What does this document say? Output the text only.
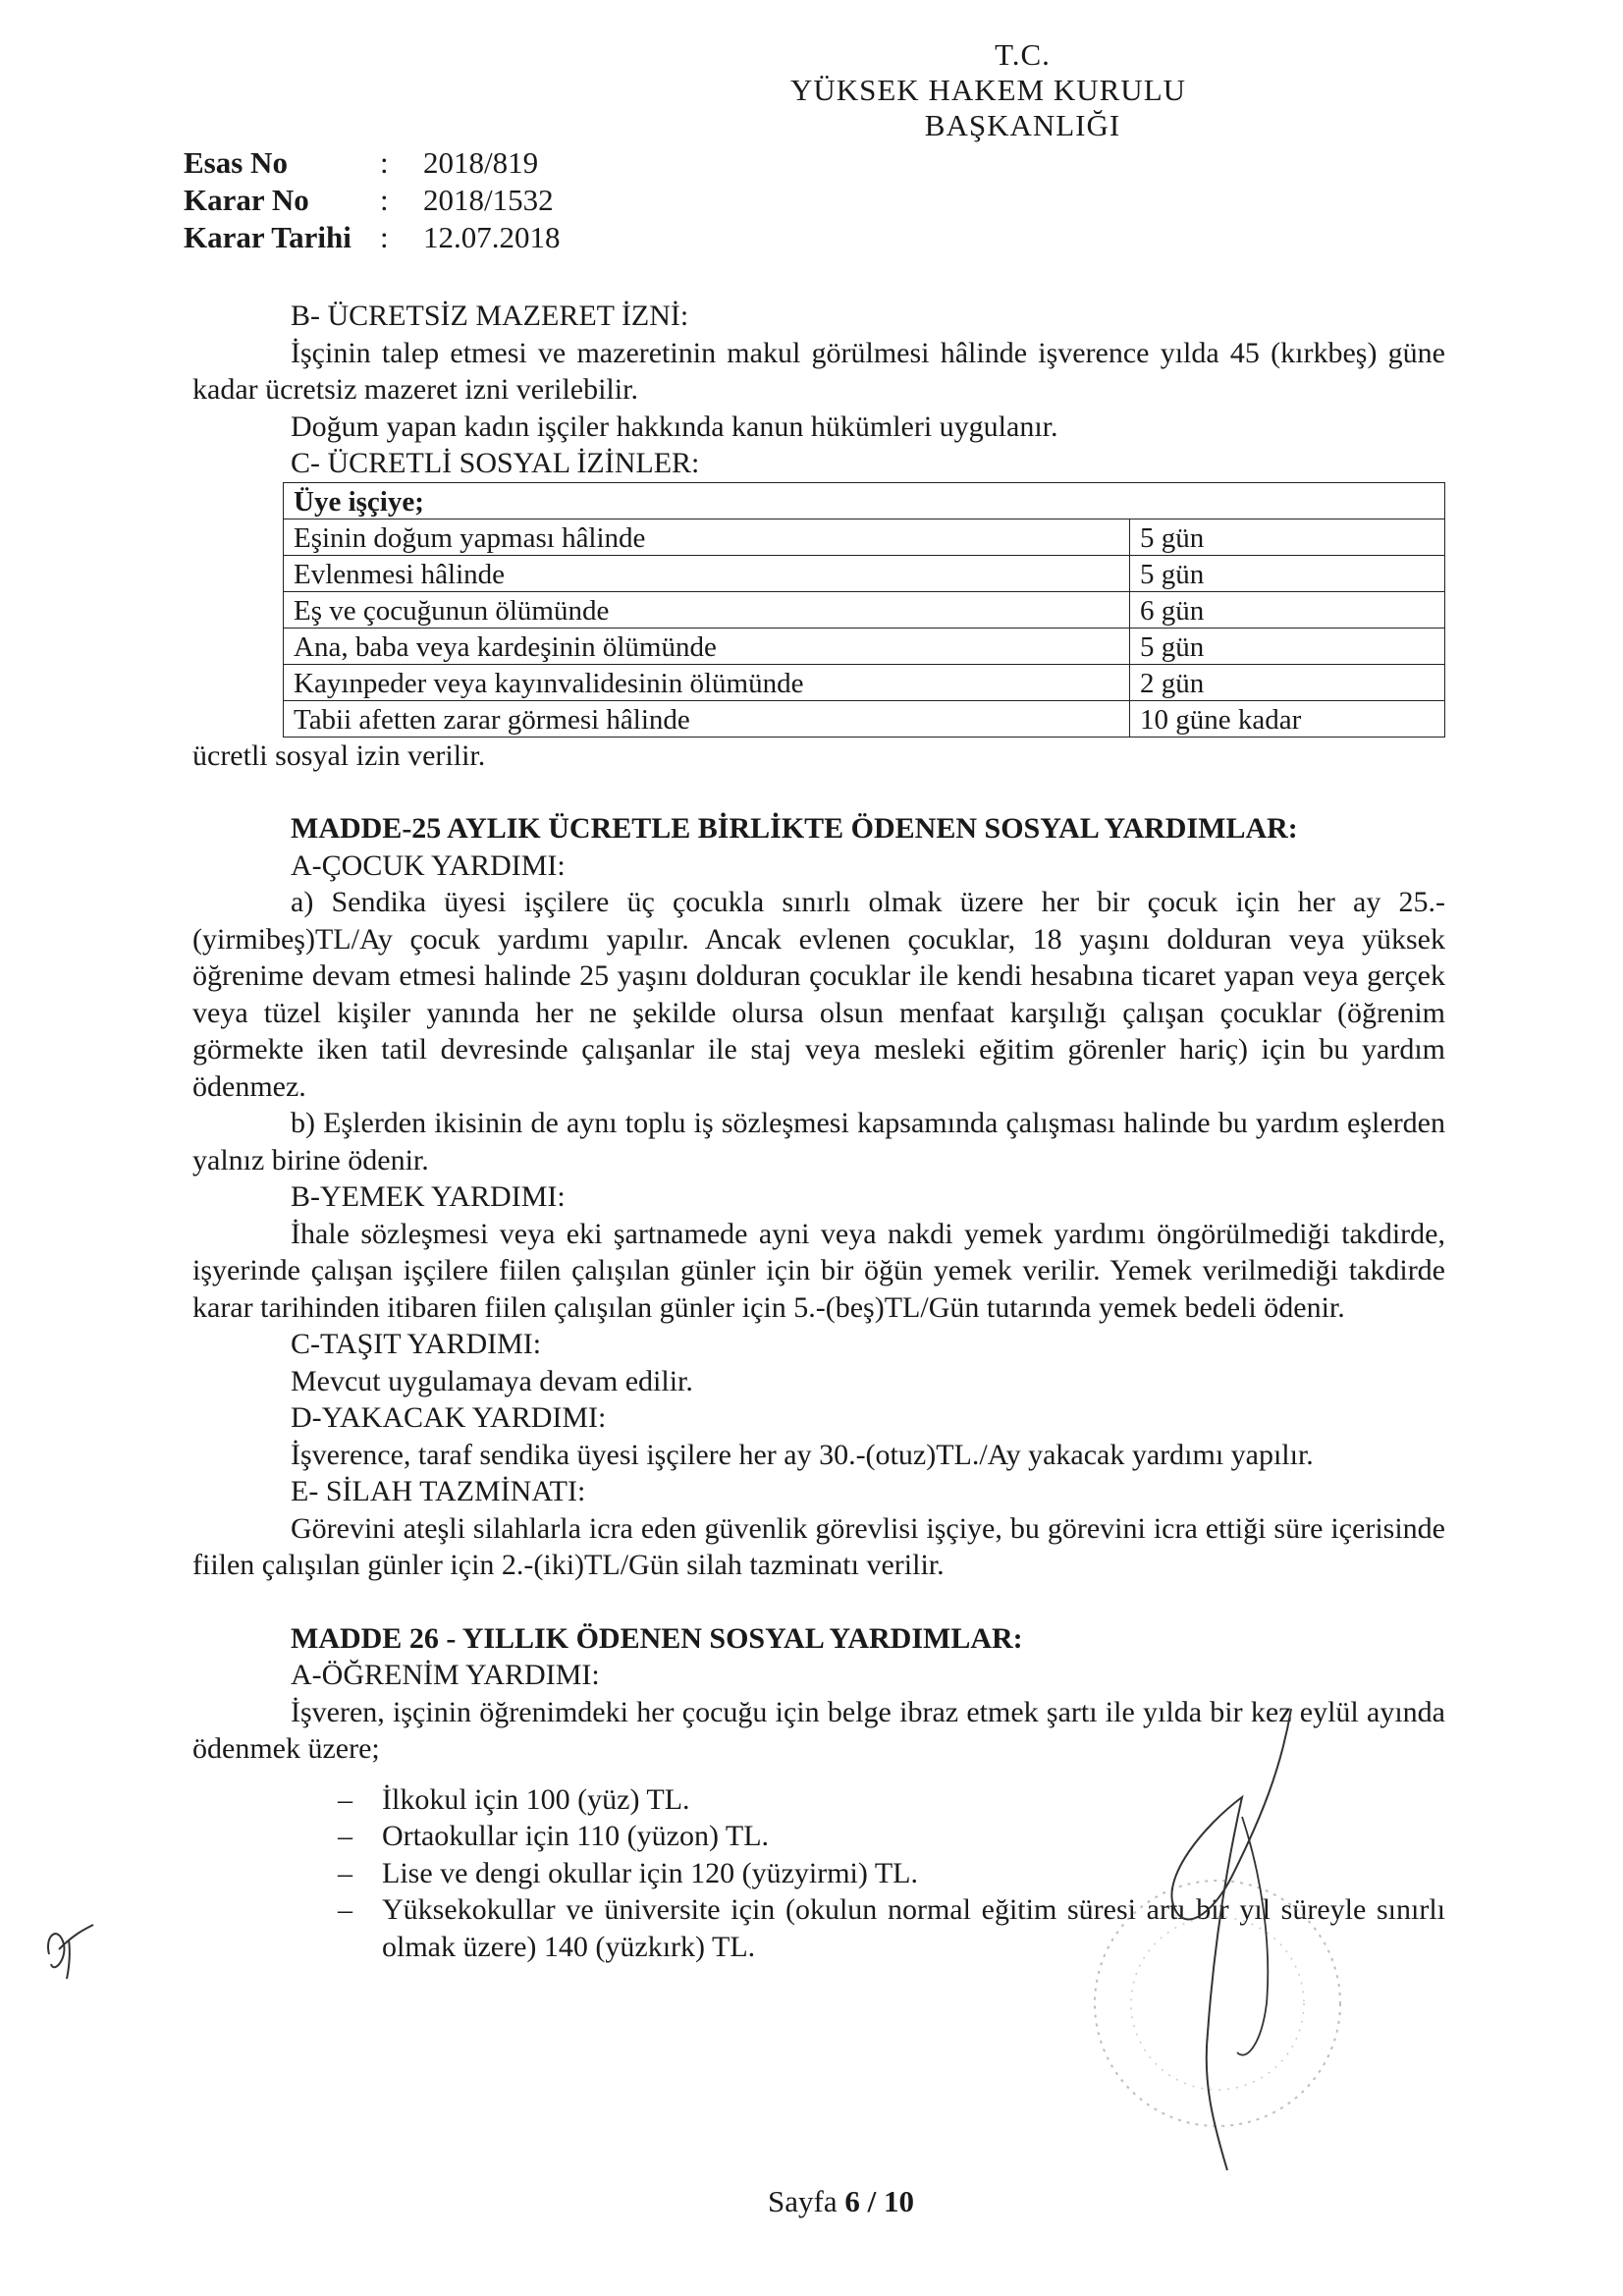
T.C.
YÜKSEK HAKEM KURULU
BAŞKANLIĞI
Esas No	: 2018/819
Karar No : 2018/1532
Karar Tarihi : 12.07.2018

B- ÜCRETSİZ MAZERET İZNİ:

İşçinin talep etmesi ve mazeretinin makul görülmesi hâlinde işverence yılda 45 (kırkbeş) güne kadar ücretsiz mazeret izni verilebilir.

Doğum yapan kadın işçiler hakkında kanun hükümleri uygulanır.

C- ÜCRETLİ SOSYAL İZİNLER:

Üye işçiye;	
Eşinin doğum yapması hâlinde	5 gün
Evlenmesi hâlinde	5 gün
Eş ve çocuğunun ölümünde	6 gün
Ana, baba veya kardeşinin ölümünde	5 gün
Kayınpeder veya kayınvalidesinin ölümünde	2 gün
Tabii afetten zarar görmesi hâlinde	10 güne kadar

ücretli sosyal izin verilir.

MADDE-25 AYLIK ÜCRETLE BİRLİKTE ÖDENEN SOSYAL YARDIMLAR:

A-ÇOCUK YARDIMI:

a) Sendika üyesi işçilere üç çocukla sınırlı olmak üzere her bir çocuk için her ay 25.-(yirmibeş)TL/Ay çocuk yardımı yapılır. Ancak evlenen çocuklar, 18 yaşını dolduran veya yüksek öğrenime devam etmesi halinde 25 yaşını dolduran çocuklar ile kendi hesabına ticaret yapan veya gerçek veya tüzel kişiler yanında her ne şekilde olursa olsun menfaat karşılığı çalışan çocuklar (öğrenim görmekte iken tatil devresinde çalışanlar ile staj veya mesleki eğitim görenler hariç) için bu yardım ödenmez.

b) Eşlerden ikisinin de aynı toplu iş sözleşmesi kapsamında çalışması halinde bu yardım eşlerden yalnız birine ödenir.

B-YEMEK YARDIMI:

İhale sözleşmesi veya eki şartnamede ayni veya nakdi yemek yardımı öngörülmediği takdirde, işyerinde çalışan işçilere fiilen çalışılan günler için bir öğün yemek verilir. Yemek verilmediği takdirde karar tarihinden itibaren fiilen çalışılan günler için 5.-(beş)TL/Gün tutarında yemek bedeli ödenir.

C-TAŞIT YARDIMI:

Mevcut uygulamaya devam edilir.

D-YAKACAK YARDIMI:

İşverence, taraf sendika üyesi işçilere her ay 30.-(otuz)TL./Ay yakacak yardımı yapılır.

E- SİLAH TAZMİNATI:

Görevini ateşli silahlarla icra eden güvenlik görevlisi işçiye, bu görevini icra ettiği süre içerisinde fiilen çalışılan günler için 2.-(iki)TL/Gün silah tazminatı verilir.

MADDE 26 - YILLIK ÖDENEN SOSYAL YARDIMLAR:

A-ÖĞRENİM YARDIMI:

İşveren, işçinin öğrenimdeki her çocuğu için belge ibraz etmek şartı ile yılda bir kez eylül ayında ödenmek üzere;

– İlkokul için 100 (yüz) TL.
– Ortaokullar için 110 (yüzon) TL.
– Lise ve dengi okullar için 120 (yüzyirmi) TL.
– Yüksekokullar ve üniversite için (okulun normal eğitim süresi artı bir yıl süreyle sınırlı olmak üzere) 140 (yüzkırk) TL.
Sayfa 6 / 10
